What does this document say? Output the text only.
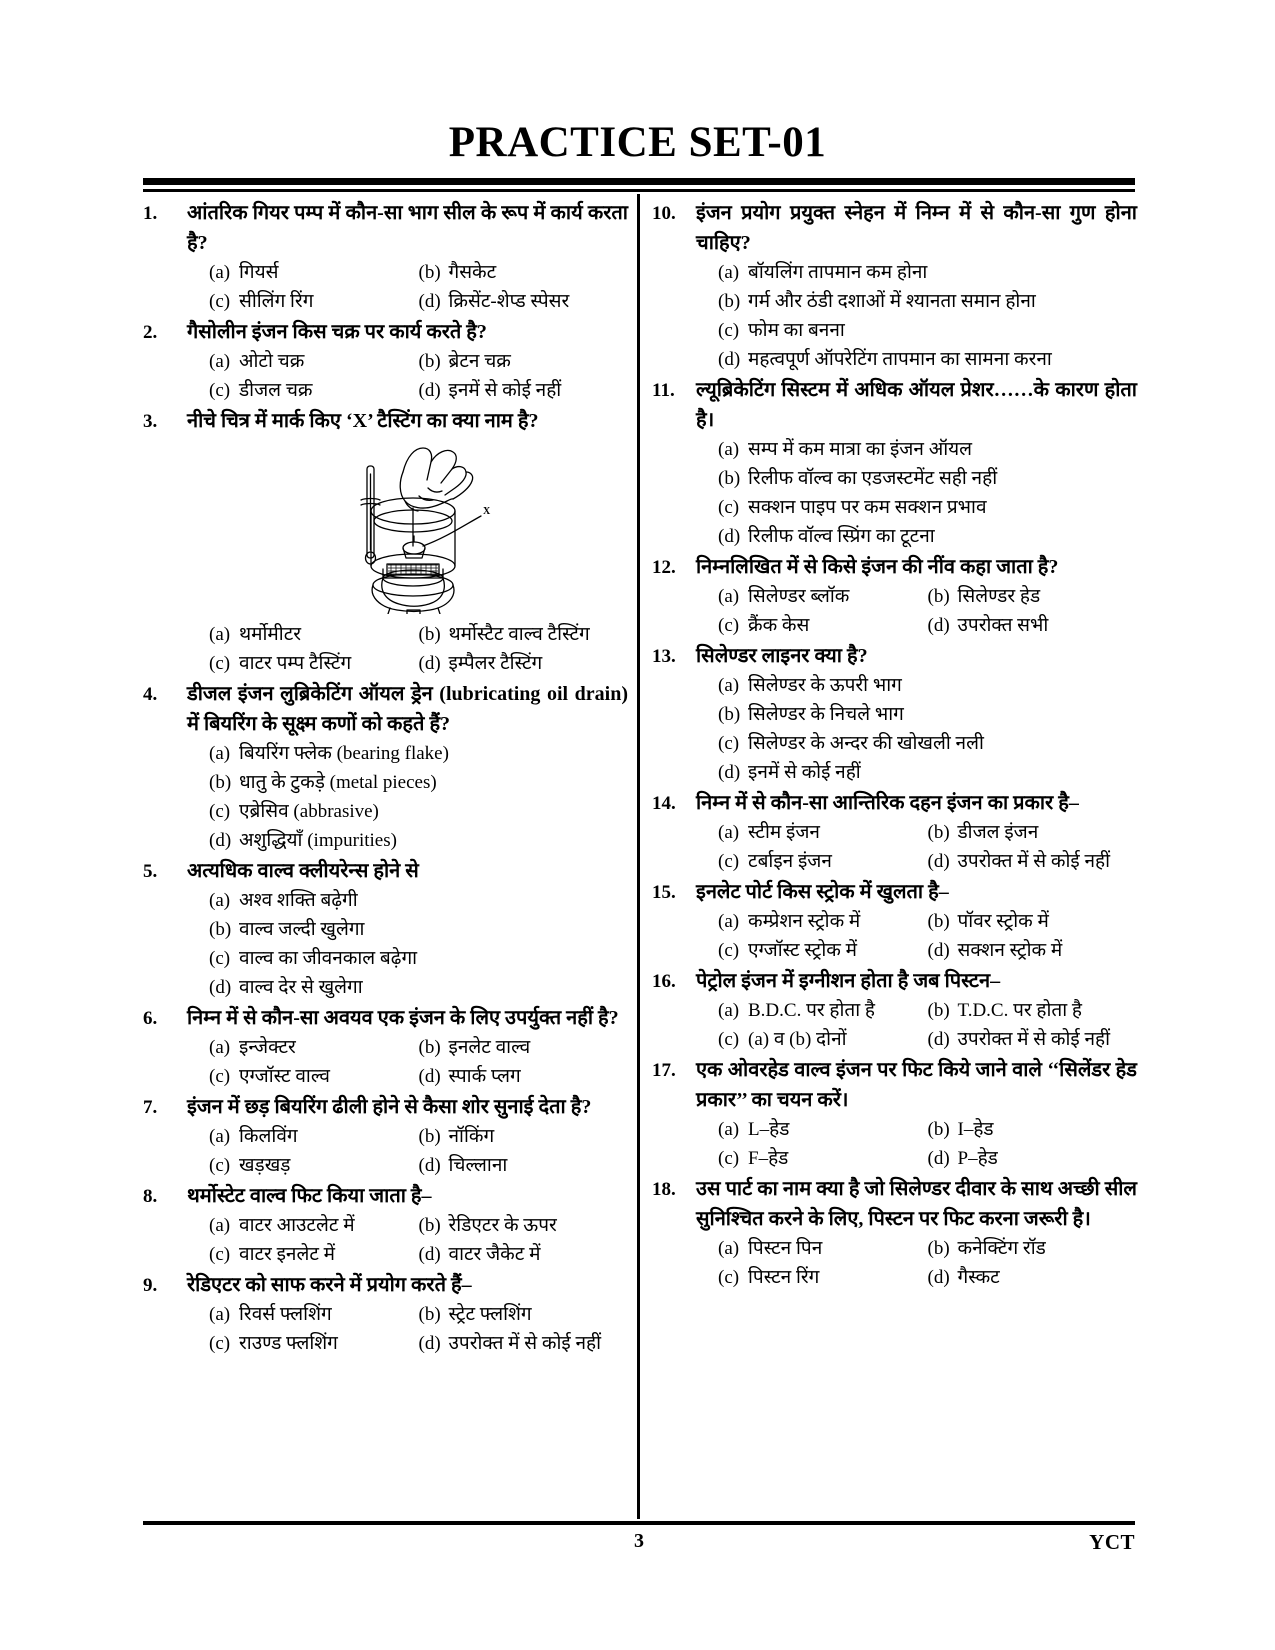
PRACTICE SET-01
1.	आंतरिक गियर पम्प में कौन-सा भाग सील के रूप में कार्य करता है?
(a) गियर्स	(b) गैसकेट
(c) सीलिंग रिंग	(d) क्रिसेंट-शेप्ड स्पेसर
2.	गैसोलीन इंजन किस चक्र पर कार्य करते है?
(a) ओटो चक्र	(b) ब्रेटन चक्र
(c) डीजल चक्र	(d) इनमें से कोई नहीं
3.	नीचे चित्र में मार्क किए ‘X’ टैस्टिंग का क्या नाम है?
X
(a) थर्मोमीटर	(b) थर्मोस्टैट वाल्व टैस्टिंग
(c) वाटर पम्प टैस्टिंग	(d) इम्पैलर टैस्टिंग
4.	डीजल इंजन लुब्रिकेटिंग ऑयल ड्रेन (lubricating oil drain) में बियरिंग के सूक्ष्म कणों को कहते हैं?
(a) बियरिंग फ्लेक (bearing flake)
(b) धातु के टुकड़े (metal pieces)
(c) एब्रेसिव (abbrasive)
(d) अशुद्धियाँ (impurities)
5.	अत्यधिक वाल्व क्लीयरेन्स होने से
(a) अश्व शक्ति बढ़ेगी
(b) वाल्व जल्दी खुलेगा
(c) वाल्व का जीवनकाल बढ़ेगा
(d) वाल्व देर से खुलेगा
6.	निम्न में से कौन-सा अवयव एक इंजन के लिए उपर्युक्त नहीं है?
(a) इन्जेक्टर	(b) इनलेट वाल्व
(c) एग्जॉस्ट वाल्व	(d) स्पार्क प्लग
7.	इंजन में छड़ बियरिंग ढीली होने से कैसा शोर सुनाई देता है?
(a) किलविंग	(b) नॉकिंग
(c) खड़खड़	(d) चिल्लाना
8.	थर्मोस्टेट वाल्व फिट किया जाता है–
(a) वाटर आउटलेट में	(b) रेडिएटर के ऊपर
(c) वाटर इनलेट में	(d) वाटर जैकेट में
9.	रेडिएटर को साफ करने में प्रयोग करते हैं–
(a) रिवर्स फ्लशिंग	(b) स्ट्रेट फ्लशिंग
(c) राउण्ड फ्लशिंग	(d) उपरोक्त में से कोई नहीं
10.	इंजन प्रयोग प्रयुक्त स्नेहन में निम्न में से कौन-सा गुण होना चाहिए?
(a) बॉयलिंग तापमान कम होना
(b) गर्म और ठंडी दशाओं में श्यानता समान होना
(c) फोम का बनना
(d) महत्वपूर्ण ऑपरेटिंग तापमान का सामना करना
11.	ल्यूब्रिकेटिंग सिस्टम में अधिक ऑयल प्रेशर……के कारण होता है।
(a) सम्प में कम मात्रा का इंजन ऑयल
(b) रिलीफ वॉल्व का एडजस्टमेंट सही नहीं
(c) सक्शन पाइप पर कम सक्शन प्रभाव
(d) रिलीफ वॉल्व स्प्रिंग का टूटना
12.	निम्नलिखित में से किसे इंजन की नींव कहा जाता है?
(a) सिलेण्डर ब्लॉक	(b) सिलेण्डर हेड
(c) क्रैंक केस	(d) उपरोक्त सभी
13.	सिलेण्डर लाइनर क्या है?
(a) सिलेण्डर के ऊपरी भाग
(b) सिलेण्डर के निचले भाग
(c) सिलेण्डर के अन्दर की खोखली नली
(d) इनमें से कोई नहीं
14.	निम्न में से कौन-सा आन्तिरिक दहन इंजन का प्रकार है–
(a) स्टीम इंजन	(b) डीजल इंजन
(c) टर्बाइन इंजन	(d) उपरोक्त में से कोई नहीं
15.	इनलेट पोर्ट किस स्ट्रोक में खुलता है–
(a) कम्प्रेशन स्ट्रोक में	(b) पॉवर स्ट्रोक में
(c) एग्जॉस्ट स्ट्रोक में	(d) सक्शन स्ट्रोक में
16.	पेट्रोल इंजन में इग्नीशन होता है जब पिस्टन–
(a) B.D.C. पर होता है	(b) T.D.C. पर होता है
(c) (a) व (b) दोनों	(d) उपरोक्त में से कोई नहीं
17.	एक ओवरहेड वाल्व इंजन पर फिट किये जाने वाले ‘‘सिलेंडर हेड प्रकार’’ का चयन करें।
(a) L–हेड	(b) I–हेड
(c) F–हेड	(d) P–हेड
18.	उस पार्ट का नाम क्या है जो सिलेण्डर दीवार के साथ अच्छी सील सुनिश्चित करने के लिए, पिस्टन पर फिट करना जरूरी है।
(a) पिस्टन पिन	(b) कनेक्टिंग रॉड
(c) पिस्टन रिंग	(d) गैस्कट
3	YCT
